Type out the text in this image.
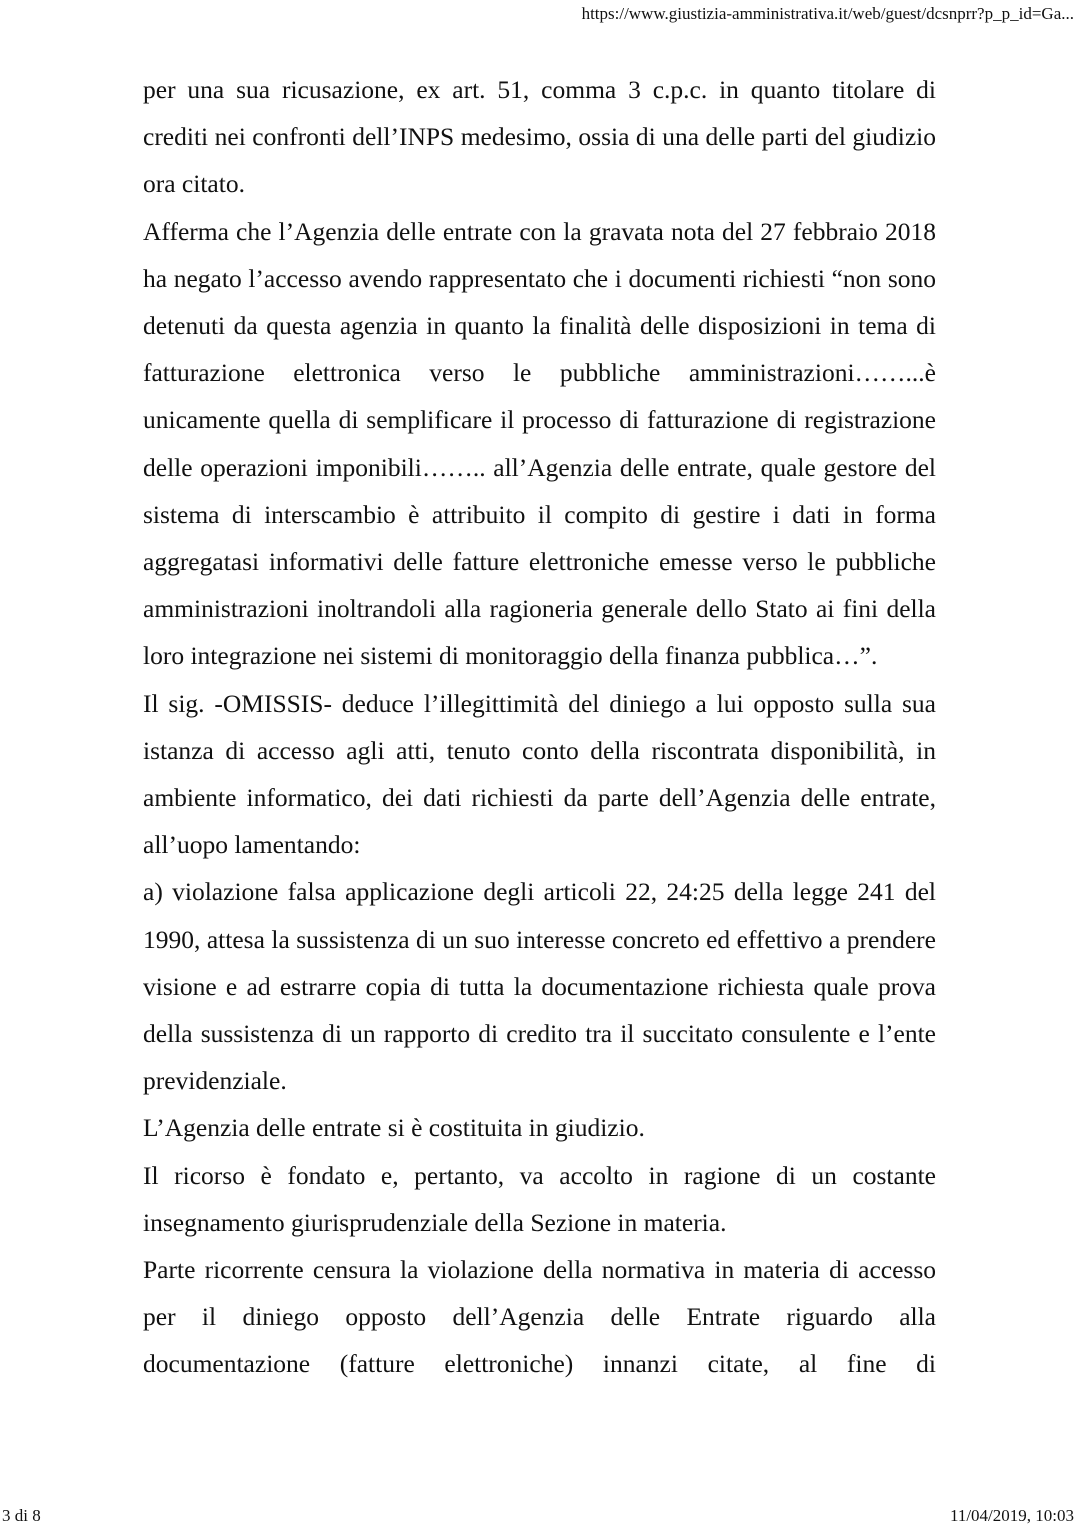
https://www.giustizia-amministrativa.it/web/guest/dcsnprr?p_p_id=Ga...

per una sua ricusazione, ex art. 51, comma 3 c.p.c. in quanto titolare di crediti nei confronti dell’INPS medesimo, ossia di una delle parti del giudizio ora citato.

Afferma che l’Agenzia delle entrate con la gravata nota del 27 febbraio 2018 ha negato l’accesso avendo rappresentato che i documenti richiesti “non sono detenuti da questa agenzia in quanto la finalità delle disposizioni in tema di fatturazione elettronica verso le pubbliche amministrazioni……...è unicamente quella di semplificare il processo di fatturazione di registrazione delle operazioni imponibili…….. all’Agenzia delle entrate, quale gestore del sistema di interscambio è attribuito il compito di gestire i dati in forma aggregatasi informativi delle fatture elettroniche emesse verso le pubbliche amministrazioni inoltrandoli alla ragioneria generale dello Stato ai fini della loro integrazione nei sistemi di monitoraggio della finanza pubblica…”.

Il sig. -OMISSIS- deduce l’illegittimità del diniego a lui opposto sulla sua istanza di accesso agli atti, tenuto conto della riscontrata disponibilità, in ambiente informatico, dei dati richiesti da parte dell’Agenzia delle entrate, all’uopo lamentando:

a) violazione falsa applicazione degli articoli 22, 24:25 della legge 241 del 1990, attesa la sussistenza di un suo interesse concreto ed effettivo a prendere visione e ad estrarre copia di tutta la documentazione richiesta quale prova della sussistenza di un rapporto di credito tra il succitato consulente e l’ente previdenziale.

L’Agenzia delle entrate si è costituita in giudizio.

Il ricorso è fondato e, pertanto, va accolto in ragione di un costante insegnamento giurisprudenziale della Sezione in materia.

Parte ricorrente censura la violazione della normativa in materia di accesso per il diniego opposto dell’Agenzia delle Entrate riguardo alla documentazione (fatture elettroniche) innanzi citate, al fine di

3 di 8	11/04/2019, 10:03
